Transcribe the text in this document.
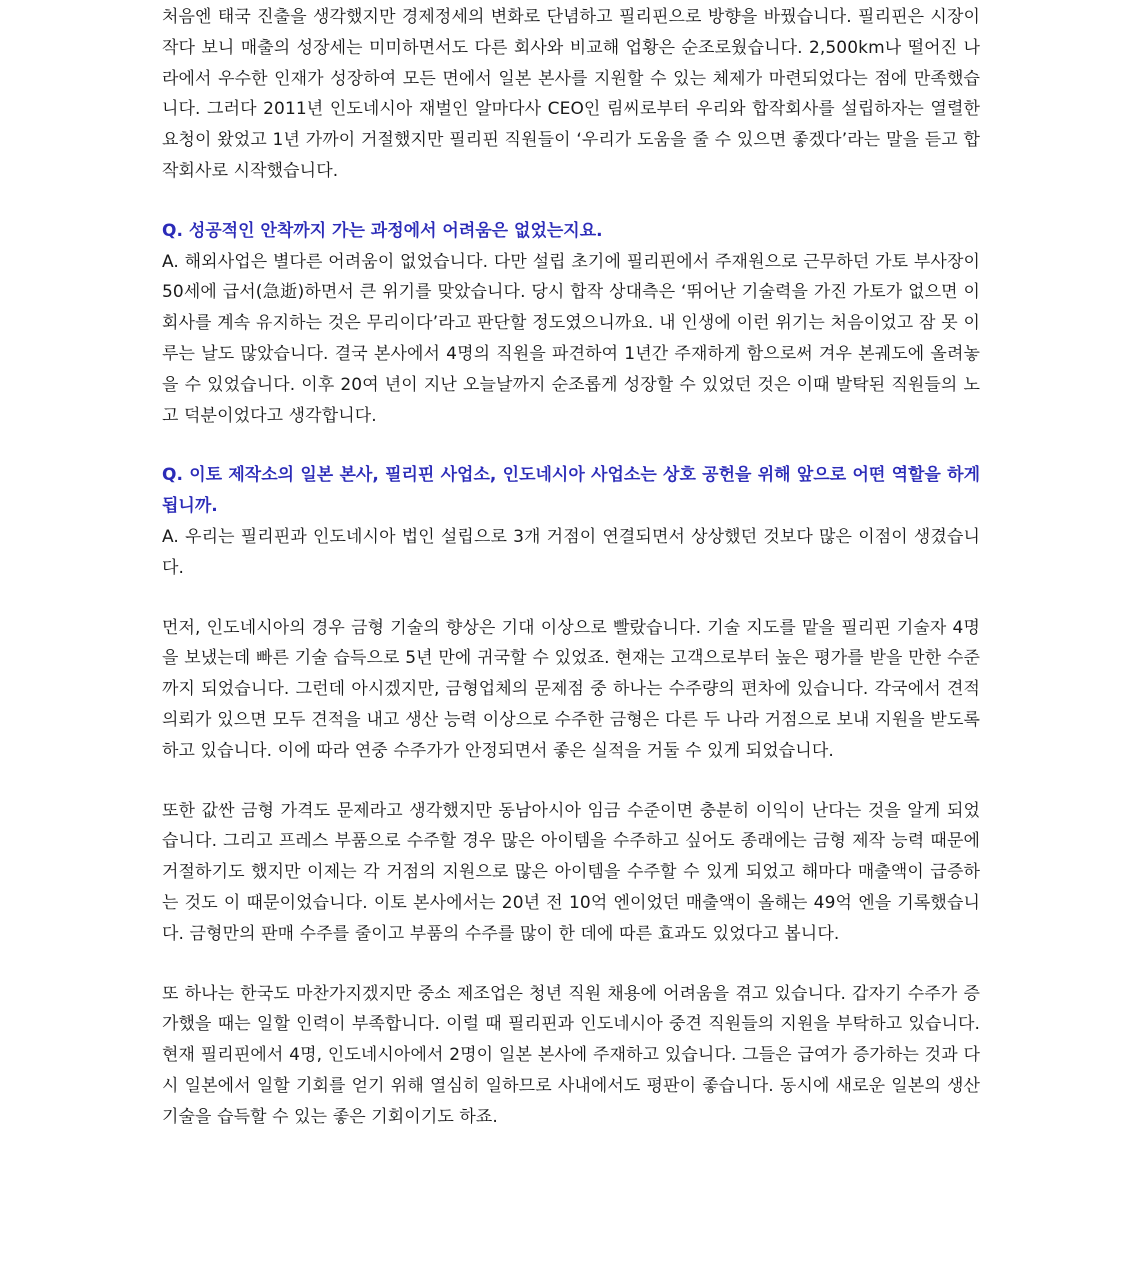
처음엔 태국 진출을 생각했지만 경제정세의 변화로 단념하고 필리핀으로 방향을 바꿨습니다. 필리핀은 시장이 작다 보니 매출의 성장세는 미미하면서도 다른 회사와 비교해 업황은 순조로웠습니다. 2,500km나 떨어진 나라에서 우수한 인재가 성장하여 모든 면에서 일본 본사를 지원할 수 있는 체제가 마련되었다는 점에 만족했습니다. 그러다 2011년 인도네시아 재벌인 알마다사 CEO인 림씨로부터 우리와 합작회사를 설립하자는 열렬한 요청이 왔었고 1년 가까이 거절했지만 필리핀 직원들이 ‘우리가 도움을 줄 수 있으면 좋겠다’라는 말을 듣고 합작회사로 시작했습니다.

Q. 성공적인 안착까지 가는 과정에서 어려움은 없었는지요.

A. 해외사업은 별다른 어려움이 없었습니다. 다만 설립 초기에 필리핀에서 주재원으로 근무하던 가토 부사장이 50세에 급서(急逝)하면서 큰 위기를 맞았습니다. 당시 합작 상대측은 ‘뛰어난 기술력을 가진 가토가 없으면 이 회사를 계속 유지하는 것은 무리이다’라고 판단할 정도였으니까요. 내 인생에 이런 위기는 처음이었고 잠 못 이루는 날도 많았습니다. 결국 본사에서 4명의 직원을 파견하여 1년간 주재하게 함으로써 겨우 본궤도에 올려놓을 수 있었습니다. 이후 20여 년이 지난 오늘날까지 순조롭게 성장할 수 있었던 것은 이때 발탁된 직원들의 노고 덕분이었다고 생각합니다.

Q. 이토 제작소의 일본 본사, 필리핀 사업소, 인도네시아 사업소는 상호 공헌을 위해 앞으로 어떤 역할을 하게 됩니까.

A. 우리는 필리핀과 인도네시아 법인 설립으로 3개 거점이 연결되면서 상상했던 것보다 많은 이점이 생겼습니다.

먼저, 인도네시아의 경우 금형 기술의 향상은 기대 이상으로 빨랐습니다. 기술 지도를 맡을 필리핀 기술자 4명을 보냈는데 빠른 기술 습득으로 5년 만에 귀국할 수 있었죠. 현재는 고객으로부터 높은 평가를 받을 만한 수준까지 되었습니다. 그런데 아시겠지만, 금형업체의 문제점 중 하나는 수주량의 편차에 있습니다. 각국에서 견적 의뢰가 있으면 모두 견적을 내고 생산 능력 이상으로 수주한 금형은 다른 두 나라 거점으로 보내 지원을 받도록 하고 있습니다. 이에 따라 연중 수주가가 안정되면서 좋은 실적을 거둘 수 있게 되었습니다.

또한 값싼 금형 가격도 문제라고 생각했지만 동남아시아 임금 수준이면 충분히 이익이 난다는 것을 알게 되었습니다. 그리고 프레스 부품으로 수주할 경우 많은 아이템을 수주하고 싶어도 종래에는 금형 제작 능력 때문에 거절하기도 했지만 이제는 각 거점의 지원으로 많은 아이템을 수주할 수 있게 되었고 해마다 매출액이 급증하는 것도 이 때문이었습니다. 이토 본사에서는 20년 전 10억 엔이었던 매출액이 올해는 49억 엔을 기록했습니다. 금형만의 판매 수주를 줄이고 부품의 수주를 많이 한 데에 따른 효과도 있었다고 봅니다.

또 하나는 한국도 마찬가지겠지만 중소 제조업은 청년 직원 채용에 어려움을 겪고 있습니다. 갑자기 수주가 증가했을 때는 일할 인력이 부족합니다. 이럴 때 필리핀과 인도네시아 중견 직원들의 지원을 부탁하고 있습니다. 현재 필리핀에서 4명, 인도네시아에서 2명이 일본 본사에 주재하고 있습니다. 그들은 급여가 증가하는 것과 다시 일본에서 일할 기회를 얻기 위해 열심히 일하므로 사내에서도 평판이 좋습니다. 동시에 새로운 일본의 생산기술을 습득할 수 있는 좋은 기회이기도 하죠.
